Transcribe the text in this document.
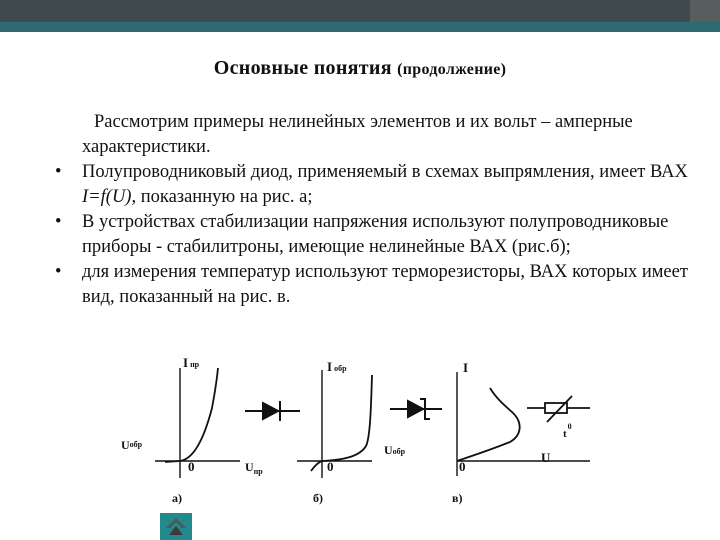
Основные понятия (продолжение)

Рассмотрим примеры нелинейных элементов и их вольт – амперные характеристики.

• Полупроводниковый диод, применяемый в схемах выпрямления, имеет ВАХ I=f(U), показанную на рис. а;

• В устройствах стабилизации напряжения используют полупроводниковые приборы - стабилитроны, имеющие нелинейные ВАХ (рис.б);

• для измерения температур используют терморезисторы, ВАХ которых имеет вид, показанный на рис. в.

Iпр
Uобр
0	$U_{пр}$
а)
Iобр
0
Uобр
б)
I
0
U
в)
$t^0$
